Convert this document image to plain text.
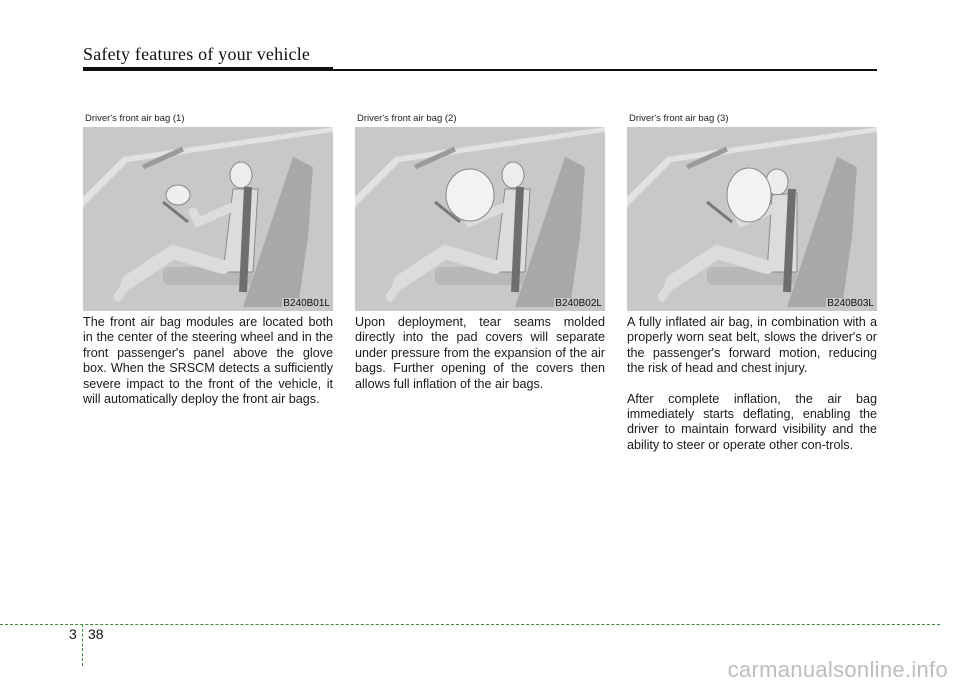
Safety features of your vehicle
Driver's front air bag (1)
B240B01L
Driver's front air bag (2)
B240B02L
Driver's front air bag (3)
B240B03L

The front air bag modules are located both in the center of the steering wheel and in the front passenger's panel above the glove box. When the SRSCM detects a sufficiently severe impact to the front of the vehicle, it will automatically deploy the front air bags.

Upon deployment, tear seams molded directly into the pad covers will separate under pressure from the expansion of the air bags. Further opening of the covers then allows full inflation of the air bags.

A fully inflated air bag, in combination with a properly worn seat belt, slows the driver's or the passenger's forward motion, reducing the risk of head and chest injury.

After complete inflation, the air bag immediately starts deflating, enabling the driver to maintain forward visibility and the ability to steer or operate other con-trols.

3 38
carmanualsonline.info
